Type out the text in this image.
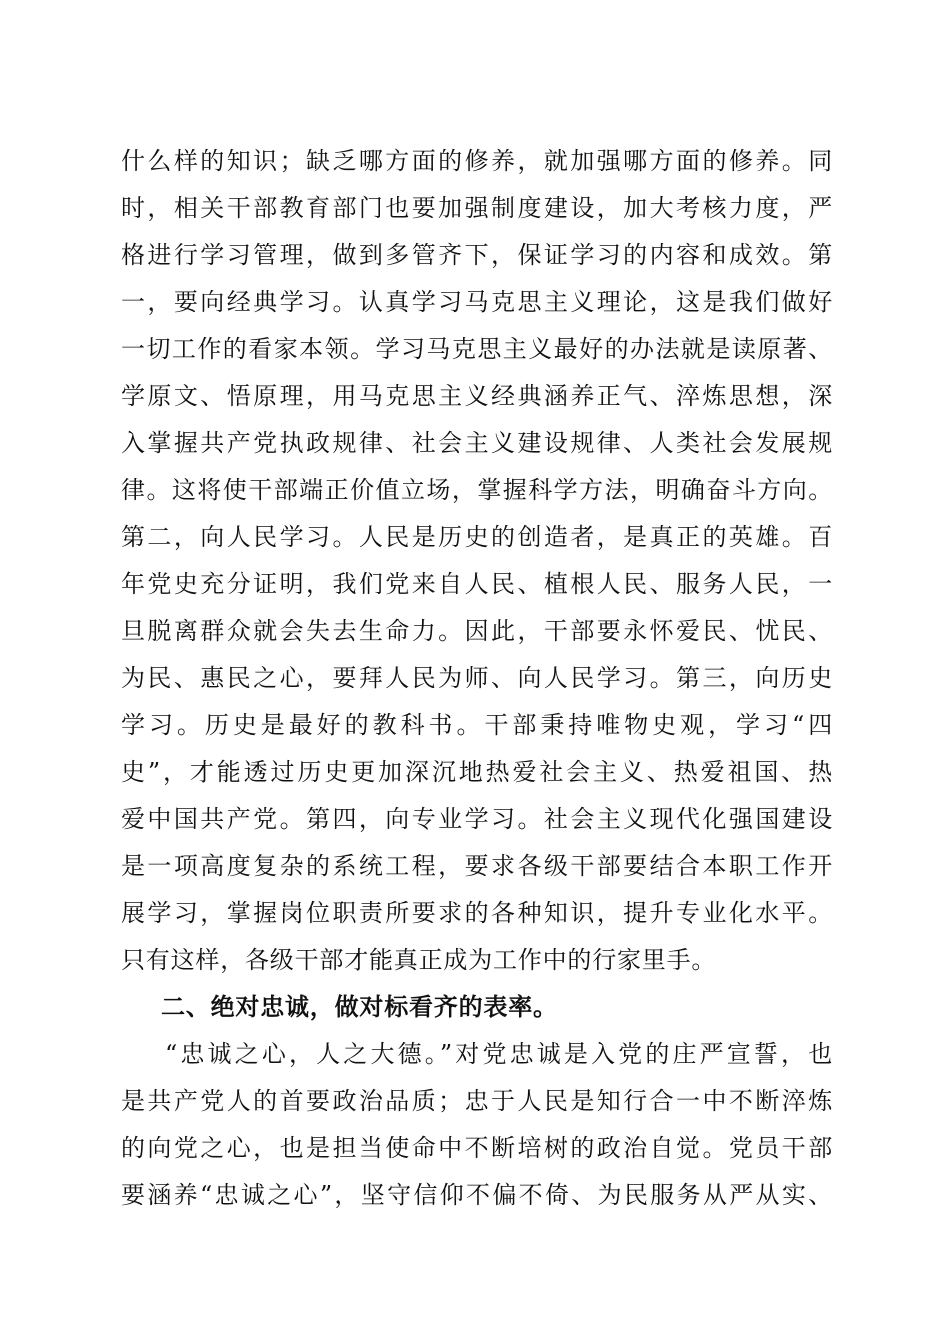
什么样的知识；缺乏哪方面的修养，就加强哪方面的修养。同
时，相关干部教育部门也要加强制度建设，加大考核力度，严
格进行学习管理，做到多管齐下，保证学习的内容和成效。第
一，要向经典学习。认真学习马克思主义理论，这是我们做好
一切工作的看家本领。学习马克思主义最好的办法就是读原著、
学原文、悟原理，用马克思主义经典涵养正气、淬炼思想，深
入掌握共产党执政规律、社会主义建设规律、人类社会发展规
律。这将使干部端正价值立场，掌握科学方法，明确奋斗方向。
第二，向人民学习。人民是历史的创造者，是真正的英雄。百
年党史充分证明，我们党来自人民、植根人民、服务人民，一
旦脱离群众就会失去生命力。因此，干部要永怀爱民、忧民、
为民、惠民之心，要拜人民为师、向人民学习。第三，向历史
学习。历史是最好的教科书。干部秉持唯物史观，学习“四
史”，才能透过历史更加深沉地热爱社会主义、热爱祖国、热
爱中国共产党。第四，向专业学习。社会主义现代化强国建设
是一项高度复杂的系统工程，要求各级干部要结合本职工作开
展学习，掌握岗位职责所要求的各种知识，提升专业化水平。
只有这样，各级干部才能真正成为工作中的行家里手。
二、绝对忠诚，做对标看齐的表率。
“忠诚之心，人之大德。”对党忠诚是入党的庄严宣誓，也
是共产党人的首要政治品质；忠于人民是知行合一中不断淬炼
的向党之心，也是担当使命中不断培树的政治自觉。党员干部
要涵养“忠诚之心”，坚守信仰不偏不倚、为民服务从严从实、
